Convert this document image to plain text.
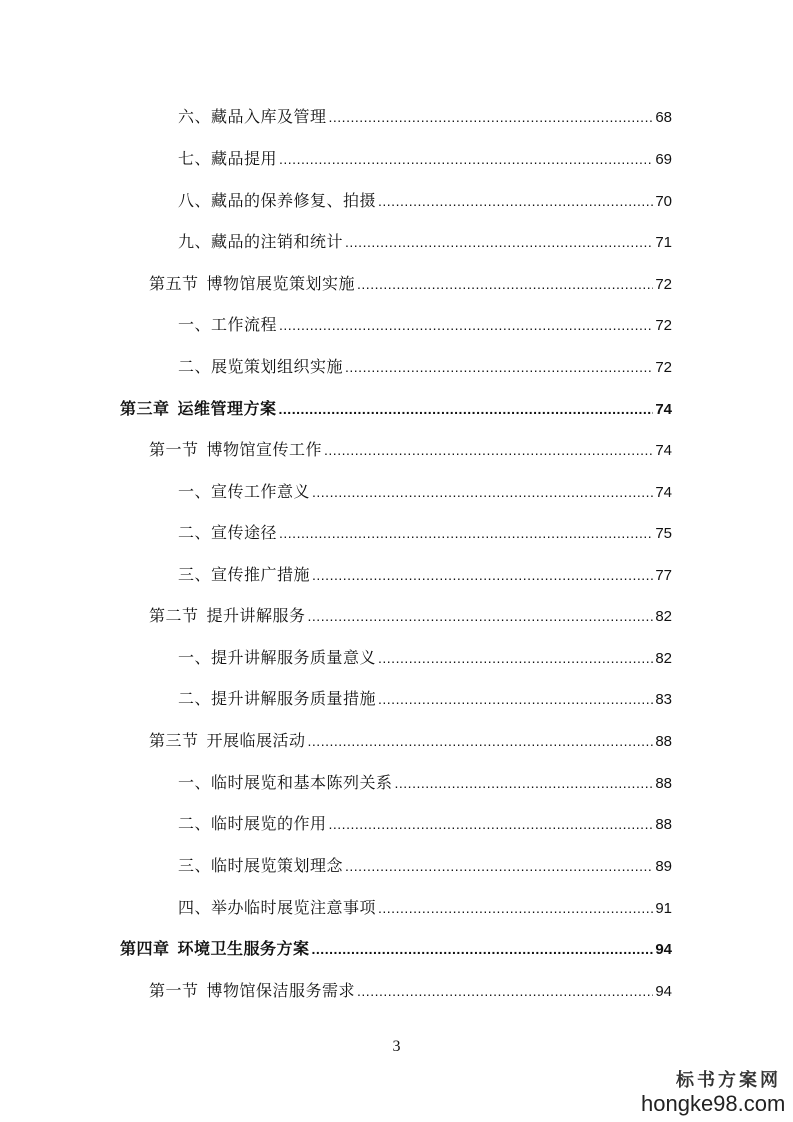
六、藏品入库及管理 .....	68
七、藏品提用 .....	69
八、藏品的保养修复、拍摄 .....	70
九、藏品的注销和统计 .....	71
第五节 博物馆展览策划实施 .....	72
一、工作流程 .....	72
二、展览策划组织实施 .....	72
第三章 运维管理方案 .....	74
第一节 博物馆宣传工作 .....	74
一、宣传工作意义 .....	74
二、宣传途径 .....	75
三、宣传推广措施 .....	77
第二节 提升讲解服务 .....	82
一、提升讲解服务质量意义 .....	82
二、提升讲解服务质量措施 .....	83
第三节 开展临展活动 .....	88
一、临时展览和基本陈列关系 .....	88
二、临时展览的作用 .....	88
三、临时展览策划理念 .....	89
四、举办临时展览注意事项 .....	91
第四章 环境卫生服务方案 .....	94
第一节 博物馆保洁服务需求 .....	94
3
标书方案网
hongke98.com
